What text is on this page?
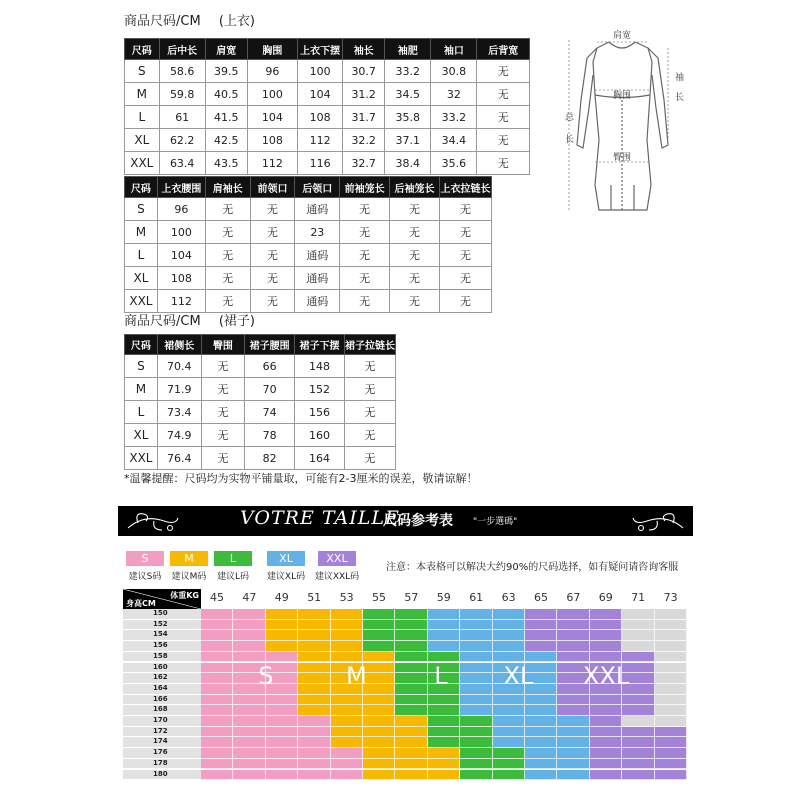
商品尺码/CM (上衣)
尺码	后中长	肩宽	胸围	上衣下摆	袖长	袖肥	袖口	后背宽
S	58.6	39.5	96	100	30.7	33.2	30.8	无
M	59.8	40.5	100	104	31.2	34.5	32	无
L	61	41.5	104	108	31.7	35.8	33.2	无
XL	62.2	42.5	108	112	32.2	37.1	34.4	无
XXL	63.4	43.5	112	116	32.7	38.4	35.6	无
尺码	上衣腰围	肩袖长	前领口	后领口	前袖笼长	后袖笼长	上衣拉链长
S	96	无	无	通码	无	无	无
M	100	无	无	23	无	无	无
L	104	无	无	通码	无	无	无
XL	108	无	无	通码	无	无	无
XXL	112	无	无	通码	无	无	无
商品尺码/CM (裙子)
尺码	裙侧长	臀围	裙子腰围	裙子下摆	裙子拉链长
S	70.4	无	66	148	无
M	71.9	无	70	152	无
L	73.4	无	74	156	无
XL	74.9	无	78	160	无
XXL	76.4	无	82	164	无
*温馨提醒：尺码均为实物平铺量取，可能有2-3厘米的误差，敬请谅解！
肩宽
胸围
臀围
总
长
袖
长
VOTRE TAILLE
尺码参考表 "一步選碼"
S
建议S码
M
建议M码
L
建议L码
XL
建议XL码
XXL
建议XXL码
注意：本表格可以解决大约90%的尺码选择，如有疑问请咨询客服
体重KG
身高CM
S	M	L XL XXL
45	47	49	51	53	55	57	59	61	63	65	67	69	71	73
150
152
154
156
158
160
162
164
166
168
170
172
174
176
178
180
